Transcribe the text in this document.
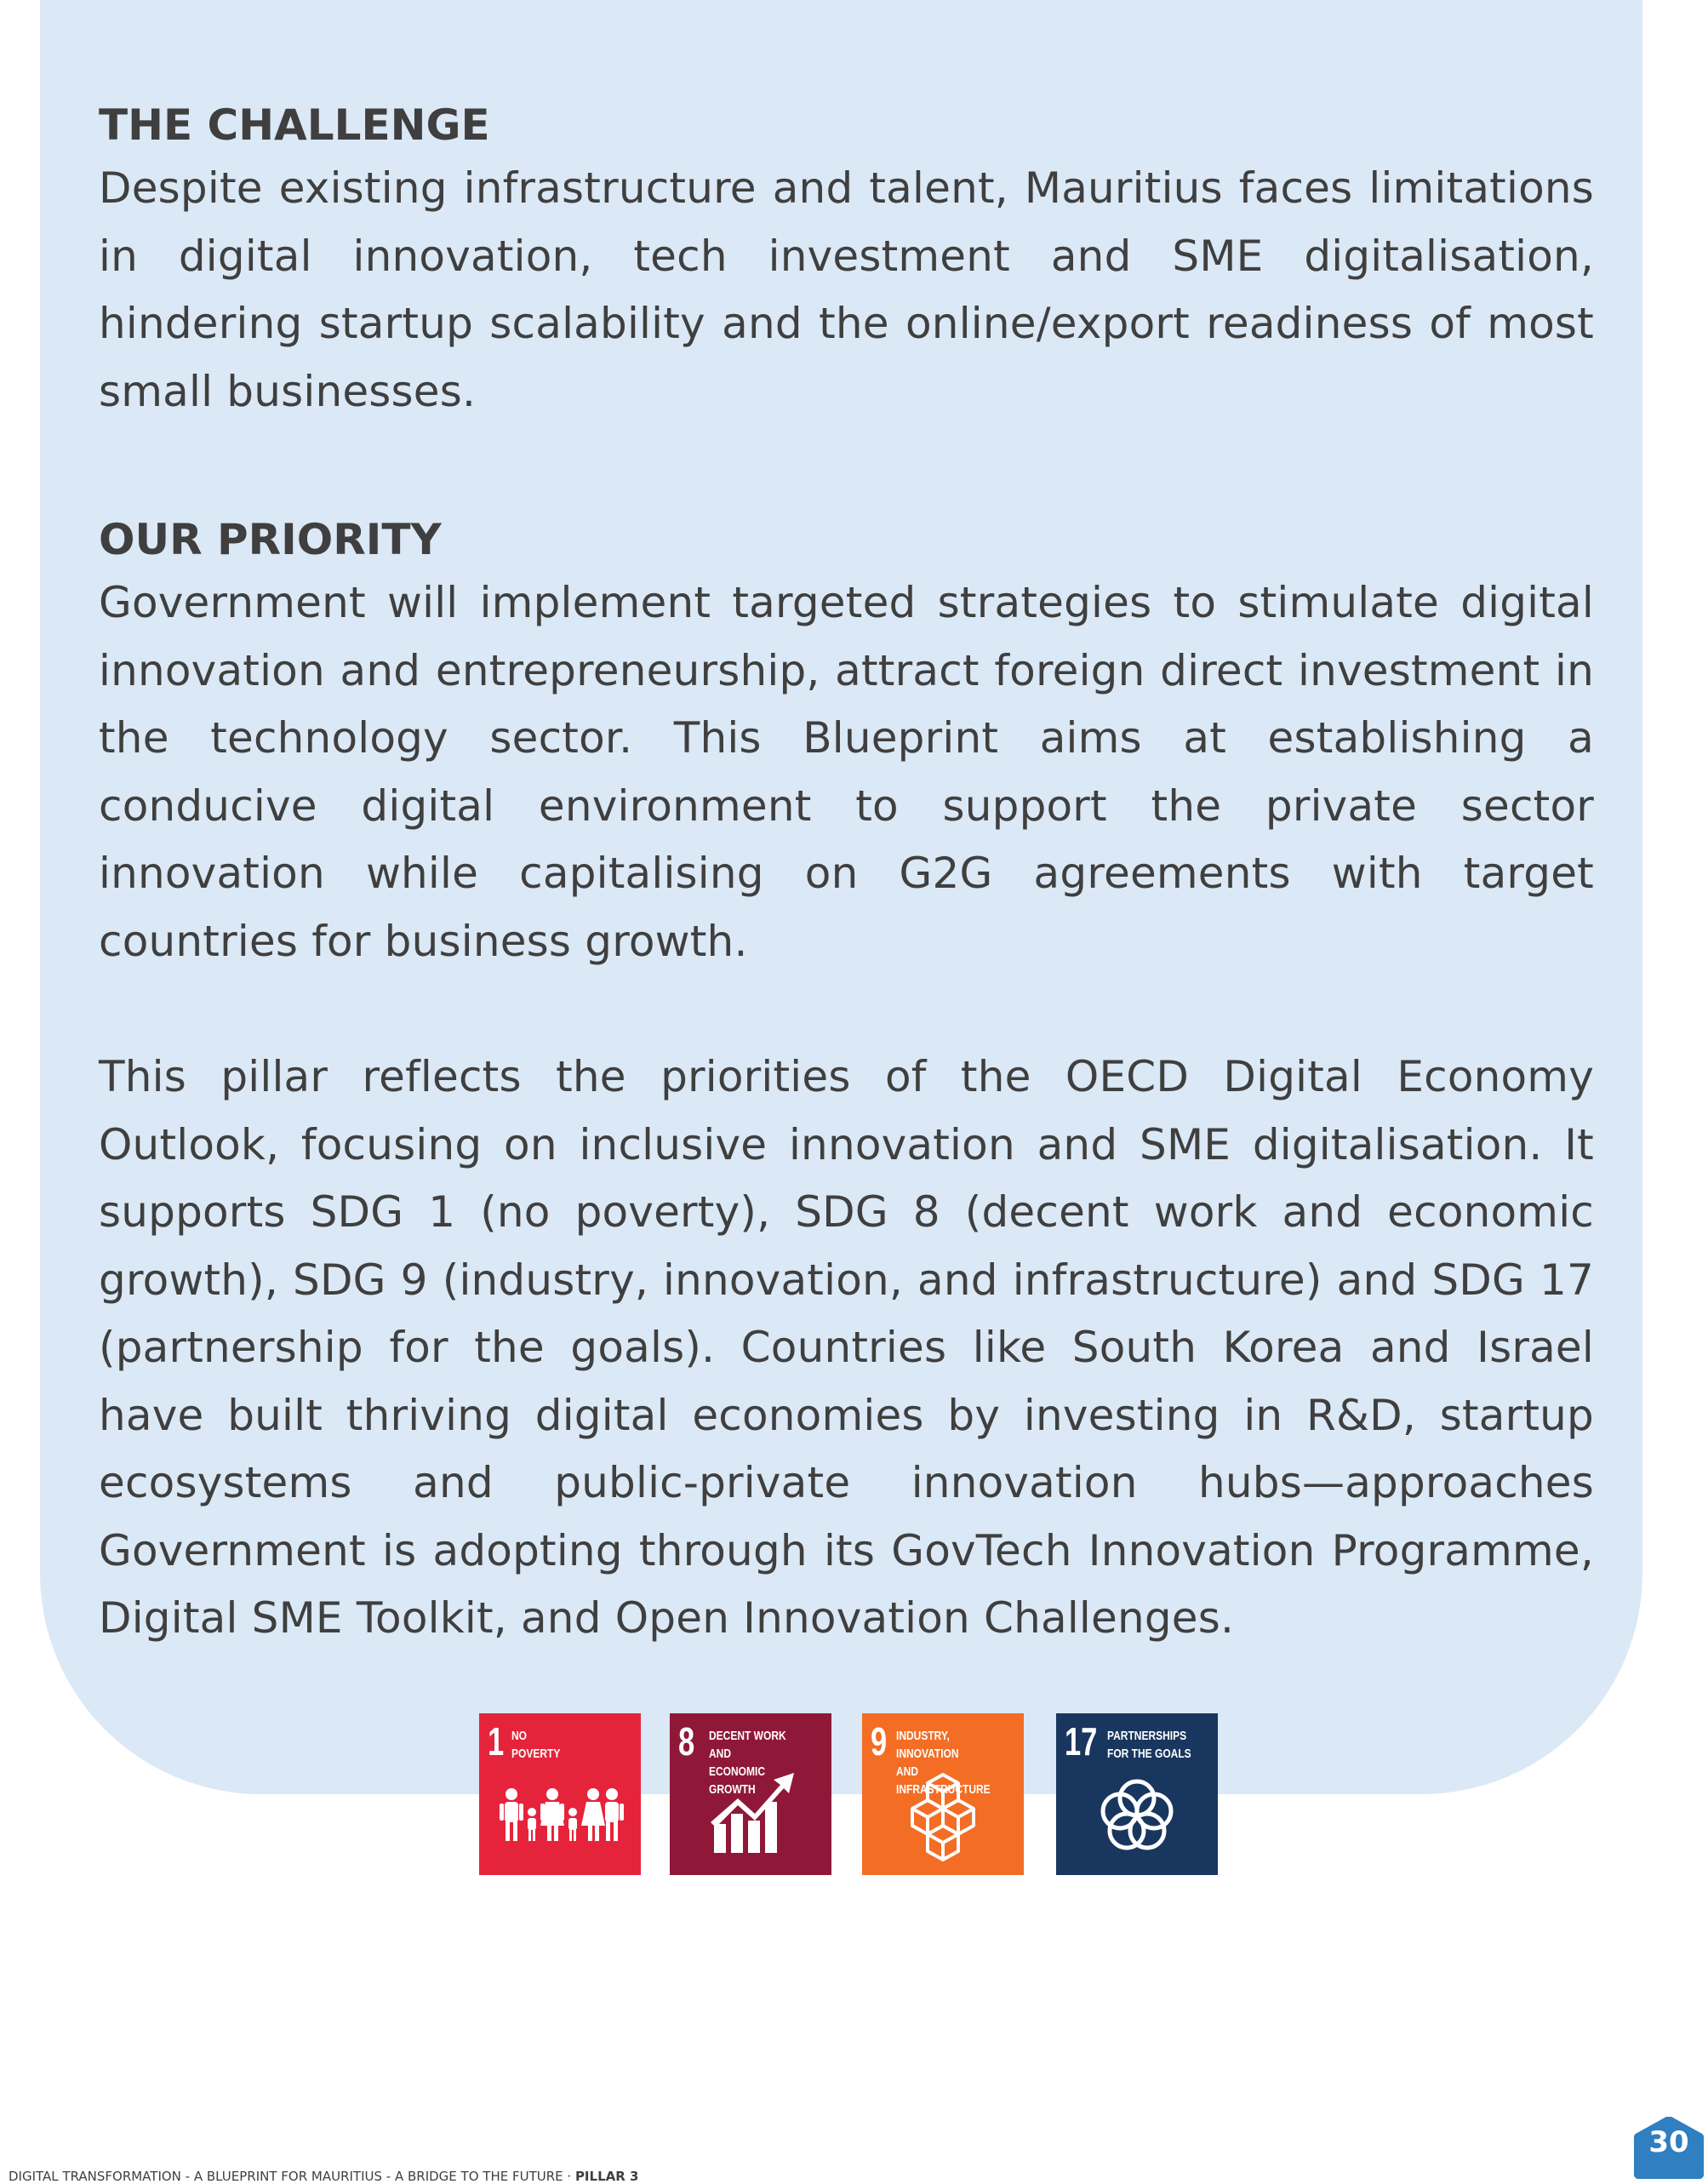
THE CHALLENGE

Despite existing infrastructure and talent, Mauritius faces limitations in digital innovation, tech investment and SME digitalisation, hindering startup scalability and the online/export readiness of most small businesses.

OUR PRIORITY

Government will implement targeted strategies to stimulate digital innovation and entrepreneurship, attract foreign direct investment in the technology sector. This Blueprint aims at establishing a conducive digital environment to support the private sector innovation while capitalising on G2G agreements with target countries for business growth.

This pillar reflects the priorities of the OECD Digital Economy Outlook, focusing on inclusive innovation and SME digitalisation. It supports SDG 1 (no poverty), SDG 8 (decent work and economic growth), SDG 9 (industry, innovation, and infrastructure) and SDG 17 (partnership for the goals). Countries like South Korea and Israel have built thriving digital economies by investing in R&D, startup ecosystems and public-private innovation hubs—approaches Government is adopting through its GovTech Innovation Programme, Digital SME Toolkit, and Open Innovation Challenges.

1 NO
POVERTY	8 DECENT WORK AND
ECONOMIC GROWTH
9 INDUSTRY, INNOVATION
AND INFRASTRUCTURE
17 PARTNERSHIPS
FOR THE GOALS
DIGITAL TRANSFORMATION - A BLUEPRINT FOR MAURITIUS - A BRIDGE TO THE FUTURE · PILLAR 3
30
